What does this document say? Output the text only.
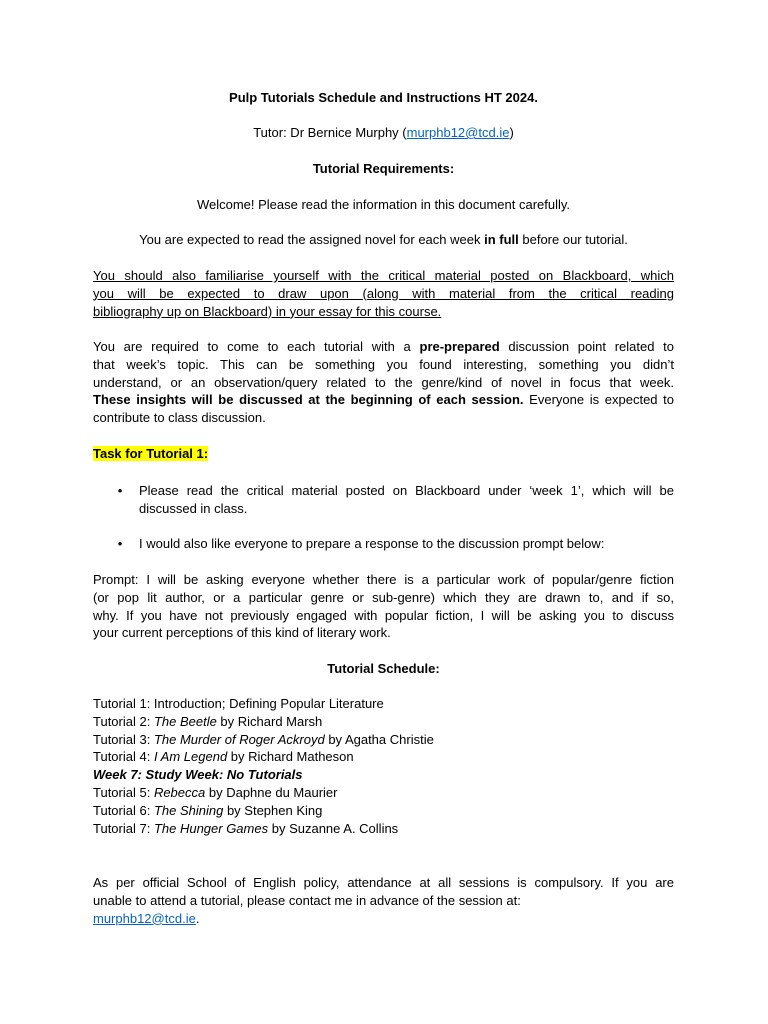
Pulp Tutorials Schedule and Instructions HT 2024.

Tutor: Dr Bernice Murphy (murphb12@tcd.ie)

Tutorial Requirements:

Welcome! Please read the information in this document carefully.

You are expected to read the assigned novel for each week in full before our tutorial.

You should also familiarise yourself with the critical material posted on Blackboard, which
you will be expected to draw upon (along with material from the critical reading
bibliography up on Blackboard) in your essay for this course.

You are required to come to each tutorial with a pre-prepared discussion point related to
that week’s topic. This can be something you found interesting, something you didn’t
understand, or an observation/query related to the genre/kind of novel in focus that week.
These insights will be discussed at the beginning of each session. Everyone is expected to
contribute to class discussion.

Task for Tutorial 1:

• Please read the critical material posted on Blackboard under ‘week 1’, which will be
discussed in class.
• I would also like everyone to prepare a response to the discussion prompt below:

Prompt: I will be asking everyone whether there is a particular work of popular/genre fiction
(or pop lit author, or a particular genre or sub-genre) which they are drawn to, and if so,
why. If you have not previously engaged with popular fiction, I will be asking you to discuss
your current perceptions of this kind of literary work.

Tutorial Schedule:

Tutorial 1: Introduction; Defining Popular Literature
Tutorial 2: The Beetle by Richard Marsh
Tutorial 3: The Murder of Roger Ackroyd by Agatha Christie
Tutorial 4: I Am Legend by Richard Matheson
Week 7: Study Week: No Tutorials
Tutorial 5: Rebecca by Daphne du Maurier
Tutorial 6: The Shining by Stephen King
Tutorial 7: The Hunger Games by Suzanne A. Collins

As per official School of English policy, attendance at all sessions is compulsory. If you are
unable to attend a tutorial, please contact me in advance of the session at:
murphb12@tcd.ie.
